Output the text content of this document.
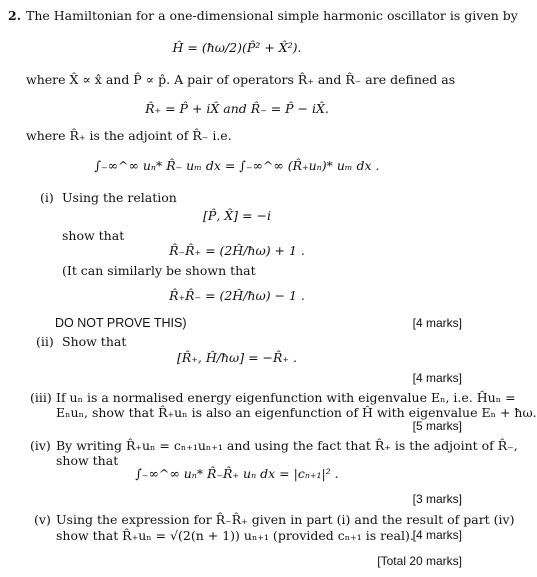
2. The Hamiltonian for a one-dimensional simple harmonic oscillator is given by
Ĥ = (ħω/2)(P̂² + X̂²).
where X̂ ∝ x̂ and P̂ ∝ p̂. A pair of operators R̂₊ and R̂₋ are defined as
R̂₊ = P̂ + iX̂ and R̂₋ = P̂ − iX̂.
where R̂₊ is the adjoint of R̂₋ i.e.
∫₋∞^∞ uₙ* R̂₋ uₘ dx = ∫₋∞^∞ (R̂₊uₙ)* uₘ dx .
(i) Using the relation
[P̂, X̂] = −i
show that
R̂₋R̂₊ = (2Ĥ/ħω) + 1 .
(It can similarly be shown that
R̂₊R̂₋ = (2Ĥ/ħω) − 1 .
DO NOT PROVE THIS)	[4 marks]
(ii) Show that
[R̂₊, Ĥ/ħω] = −R̂₊ .
[4 marks]
(iii) If uₙ is a normalised energy eigenfunction with eigenvalue Eₙ, i.e. Ĥuₙ =
Eₙuₙ, show that R̂₊uₙ is also an eigenfunction of Ĥ with eigenvalue Eₙ + ħω.
[5 marks]
(iv) By writing R̂₊uₙ = cₙ₊₁uₙ₊₁ and using the fact that R̂₊ is the adjoint of R̂₋,
show that
∫₋∞^∞ uₙ* R̂₋R̂₊ uₙ dx = |cₙ₊₁|² .
[3 marks]
(v) Using the expression for R̂₋R̂₊ given in part (i) and the result of part (iv)
show that R̂₊uₙ = √(2(n + 1)) uₙ₊₁ (provided cₙ₊₁ is real).
[4 marks]
[Total 20 marks]
